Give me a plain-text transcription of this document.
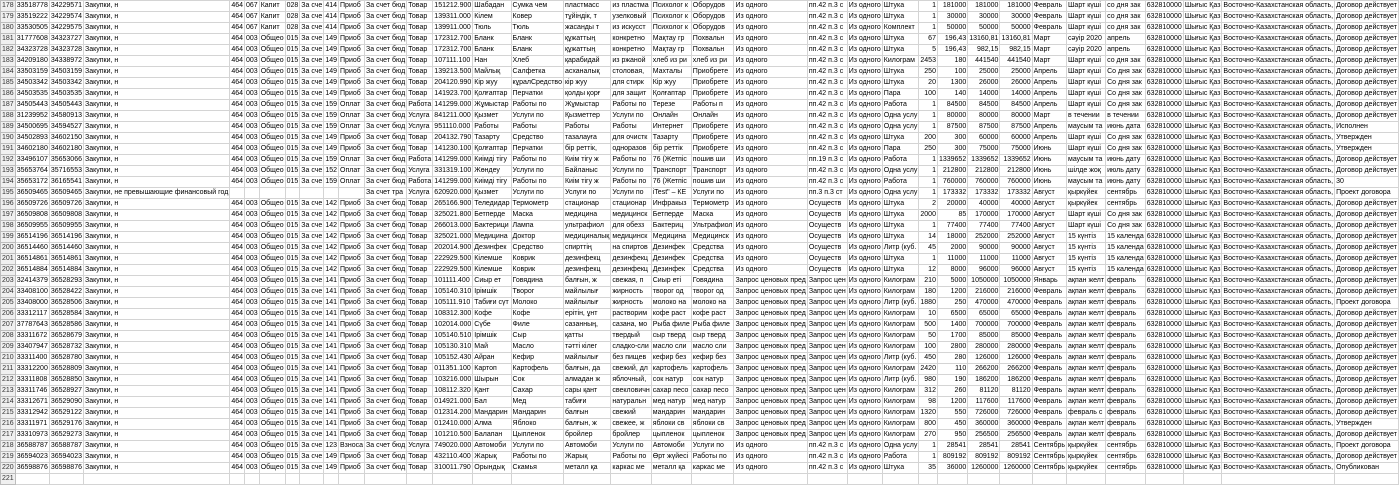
178	33518778	34229571	Закупки, н	464	067	Капит	028	За сче	414	Приоб	За счет бюд	Товар	151212.900	Шабадан	Сумка чем	пластмасс	из пластма	Психолог к	Оборудов	Из одного	пп.42 п.3 с	Из одного	Штука	1	181000	181000	181000	Февраль	Шарт күші	со дня зак	632810000	Шығыс Қаз	Восточно-Казахстанская область,	Договор действует
179	33519222	34229574	Закупки, н	464	067	Капит	028	За сче	414	Приоб	За счет бюд	Товар	139311.000	Кілем	Ковер	тұйіндік, т	узелковый	Психолог к	Оборудов	Из одного	пп.42 п.3 с	Из одного	Штука	1	30000	30000	30000	Февраль	Шарт күші	со дня зак	632810000	Шығыс Қаз	Восточно-Казахстанская область,	Договор действует
180	33530505	34229575	Закупки, н	464	067	Капит	028	За сче	414	Приоб	За счет бюд	Товар	139911.000	Тюль	Тюль	жасанды т	из искусст	Психолог к	Оборудов	Из одного	пп.42 п.3 с	Из одного	Комплект	1	50000	50000	50000	Февраль	Шарт күші	со дня зак	632810000	Шығыс Қаз	Восточно-Казахстанская область,	Договор действует
181	31777608	34323727	Закупки, н	464	003	Общео	015	За сче	149	Приоб	За счет бюд	Товар	172312.700	Бланк	Бланк	құжаттың	конкретно	Мақтау гр	Похвальн	Из одного	пп.42 п.3 с	Из одного	Штука	67	196,43	13160,81	13160,81	Март	сәуір 2020	апрель	632810000	Шығыс Қаз	Восточно-Казахстанская область,	Договор действует
182	34323728	34323728	Закупки, н	464	003	Общео	015	За сче	149	Приоб	За счет бюд	Товар	172312.700	Бланк	Бланк	құжаттың	конкретно	Мақтау гр	Похвальн	Из одного	пп.42 п.3 с	Из одного	Штука	5	196,43	982,15	982,15	Март	сәуір 2020	апрель	632810000	Шығыс Қаз	Восточно-Казахстанская область,	Договор действует
183	34209180	34338972	Закупки, н	464	003	Общео	015	За сче	149	Приоб	За счет бюд	Товар	107111.100	Нан	Хлеб	қарабидай	из ржаной	хлеб из ри	хлеб из ри	Из одного	пп.42 п.3 с	Из одного	Килограм	2453	180	441540	441540	Март	Шарт күші	со дня зак	632810000	Шығыс Қаз	Восточно-Казахстанская область,	Договор действует
184	33503159	34503159	Закупки, н	464	003	Общео	015	За сче	149	Приоб	За счет бюд	Товар	139213.500	Майлық	Салфетка	асханалық	столовая,	Махталы	Приобрете	Из одного	пп.42 п.3 с	Из одного	Штука	250	100	25000	25000	Апрель	Шарт күші	Со дня зак	632810000	Шығыс Қаз	Восточно-Казахстанская область,	Договор действует
185	34503342	34503342	Закупки, н	464	003	Общео	015	За сче	149	Приоб	За счет бюд	Товар	204120.990	Кір жуу	кұралСредство	кір жуу	для стирк	Кір жуу	Приобрете	Из одного	пп.42 п.3 с	Из одного	Штука	20	1300	26000	26000	Апрель	Шарт күші	Со дня зак	632810000	Шығыс Қаз	Восточно-Казахстанская область,	Договор действует
186	34503535	34503535	Закупки, н	464	003	Общео	015	За сче	149	Приоб	За счет бюд	Товар	141923.700	Қолғаптар	Перчатки	қолды қорғ	для защит	Қолғаптар	Приобрете	Из одного	пп.42 п.3 с	Из одного	Пара	100	140	14000	14000	Апрель	Шарт күші	Со дня зак	632810000	Шығыс Қаз	Восточно-Казахстанская область,	Договор действует
187	34505443	34505443	Закупки, н	464	003	Общео	015	За сче	159	Оплат	За счет бюд	Работа	141299.000	Жұмыстар	Работы по	Жұмыстар	Работы по	Терезе	Работы п	Из одного	пп.42 п.3 с	Из одного	Работа	1	84500	84500	84500	Апрель	Шарт күші	Со дня зак	632810000	Шығыс Қаз	Восточно-Казахстанская область,	Договор действует
188	31239952	34580913	Закупки, н	464	003	Общео	015	За сче	159	Оплат	За счет бюд	Услуга	841211.000	Қызмет	Услуги по	Қызметтер	Услуги по	Онлайн	Онлайн	Из одного	пп.42 п.3 с	Из одного	Одна услу	1	80000	80000	80000	Март	в течении	в течении	632810000	Шығыс Қаз	Восточно-Казахстанская область,	Договор действует
189	34500695	34594527	Закупки, н	464	003	Общео	015	За сче	159	Оплат	За счет бюд	Услуга	951110.000	Работы	Работы	Работы	Работы	Интернет	Приобрете	Из одного	пп.42 п.3 с	Из одного	Одна услу	1	87500	87500	87500	Апрель	маусым та	июнь дата	632810000	Шығыс Қаз	Восточно-Казахстанская область,	Исполнен
190	34502893	34602150	Закупки, н	464	003	Общео	015	За сче	149	Приоб	За счет бюд	Товар	204132.790	Тазарту	Средство	тазалауға	для очистк	Тазарту	Приобрете	Из одного	пп.42 п.3 с	Из одного	Штука	200	300	60000	60000	Апрель	Шарт күші	Со дня зак	632810000	Шығыс Қаз	Восточно-Казахстанская область,	Утвержден
191	34602180	34602180	Закупки, н	464	003	Общео	015	За сче	149	Приоб	За счет бюд	Товар	141230.100	Қолғаптар	Перчатки	бір реттік,	одноразов	бір реттік	Приобрете	Из одного	пп.42 п.3 с	Из одного	Пара	250	300	75000	75000	Июнь	Шарт күші	Со дня зак	632810000	Шығыс Қаз	Восточно-Казахстанская область,	Утвержден
192	33496107	35653066	Закупки, н	464	003	Общео	015	За сче	159	Оплат	За счет бюд	Работа	141299.000	Киімді тігу	Работы по	Киім тігу ж	Работы по	76 (Жетпіс	пошив ши	Из одного	пп.19 п.3 с	Из одного	Работа	1	1339652	1339652	1339652	Июнь	маусым та	июнь дату	632810000	Шығыс Қаз	Восточно-Казахстанская область,	Договор действует
193	35653764	35716553	Закупки, н	464	003	Общео	015	За сче	152	Оплат	За счет бюд	Услуга	331319.100	Жөндеу	Услуги по	Байланыс	Услуги по	Транспорт	Транспорт	Из одного	пп.42 п.3 с	Из одного	Одна услу	1	212800	212800	212800	Июнь	шілде жоқ	июль дату	632810000	Шығыс Қаз	Восточно-Казахстанская область,	Договор действует
194	35653172	36165541	Закупки, н	464	003	Общео	015	За сче	159	Оплат	За счет бюд	Работа	141299.000	Киімді тігу	Работы по	Киім тігу ж	Работы по	76 (Жетпіс	пошив ши	Из одного	пп.42 п.3 с	Из одного	Работа	1	760000	760000	760000	Июнь	маусым та	июнь дату	632810000	Шығыс Қаз	Восточно-Казахстанская область,	30
195	36509465	36509465	Закупки, не превышающие финансовый год								За счет тра	Услуга	620920.000	Қызмет	Услуги по	Услуги по	Услуги по	iTest" – КЕ	Услуги по	Из одного	пп.3 п.3 ст	Из одного	Одна услу	1	173332	173332	173332	Август	қыркүйек	сентябрь	632810000	Шығыс Қаз	Восточно-Казахстанская область,	Проект договора
196	36509726	36509726	Закупки, н	464	003	Общео	015	За сче	142	Приоб	За счет бюд	Товар	265166.900	Теледидар	Термометр	стационар	стационар	Инфракыз	Термометр	Из одного	Осуществ	Из одного	Штука	2	20000	40000	40000	Август	қыркүйек	сентябрь	632810000	Шығыс Қаз	Восточно-Казахстанская область,	Договор действует
197	36509808	36509808	Закупки, н	464	003	Общео	015	За сче	142	Приоб	За счет бюд	Товар	325021.800	Бетперде	Маска	медицина	медицинск	Бетперде	Маска	Из одного	Осуществ	Из одного	Штука	2000	85	170000	170000	Август	Шарт күші	Со дня зак	632810000	Шығыс Қаз	Восточно-Казахстанская область,	Договор действует
198	36509955	36509955	Закупки, н	464	003	Общео	015	За сче	142	Приоб	За счет бюд	Товар	266013.000	Бактерици	Лампа	ультрафиол	для обезз	Бактериц	Ультрафиол	Из одного	Осуществ	Из одного	Штука	1	77400	77400	77400	Август	Шарт күші	Со дня зак	632810000	Шығыс Қаз	Восточно-Казахстанская область,	Договор действует
199	36514196	36514196	Закупки, н	464	003	Общео	015	За сче	142	Приоб	За счет бюд	Товар	325021.000	Медицина	Доктор	медициналық	медицинск	Медицина	Медицинск	Из одного	Осуществ	Из одного	Штука	14	18000	252000	252000	Август	15 күнтіз	15 календа	632810000	Шығыс Қаз	Восточно-Казахстанская область,	Договор действует
200	36514460	36514460	Закупки, н	464	003	Общео	015	За сче	142	Приоб	За счет бюд	Товар	202014.900	Дезинфек	Средство	спирттің	на спиртов	Дезинфек	Средства	Из одного	Осуществ	Из одного	Литр (куб.	45	2000	90000	90000	Август	15 күнтіз	15 календа	632810000	Шығыс Қаз	Восточно-Казахстанская область,	Договор действует
201	36514861	36514861	Закупки, н	464	003	Общео	015	За сче	142	Приоб	За счет бюд	Товар	222929.500	Кілемше	Коврик	дезинфекц	дезинфекц	Дезинфек	Средства	Из одного	Осуществ	Из одного	Штука	1	11000	11000	11000	Август	15 күнтіз	15 календа	632810000	Шығыс Қаз	Восточно-Казахстанская область,	Договор действует
202	36514884	36514884	Закупки, н	464	003	Общео	015	За сче	142	Приоб	За счет бюд	Товар	222929.500	Кілемше	Коврик	дезинфекц	дезинфекц	Дезинфек	Средства	Из одного	Осуществ	Из одного	Штука	12	8000	96000	96000	Август	15 күнтіз	15 календа	632810000	Шығыс Қаз	Восточно-Казахстанская область,	Договор действует
203	32414379	36528293	Закупки, н	464	003	Общео	015	За сче	141	Приоб	За счет бюд	Товар	101111.400	Сиыр ет	Говядина	балғын, ж	свежая, п	Сиыр еті	Говядина	Запрос ценовых пред	Запрос цен	Из одного	Килограм	210	5000	1050000	1050000	Январь	ақпан желт	февраль	632810000	Шығыс Қаз	Восточно-Казахстанская область,	Договор действует
204	33408100	36528422	Закупки, н	464	003	Общео	015	За сче	141	Приоб	За счет бюд	Товар	105140.310	Ірімшік	Творог	майлылығ	жирность	творог од	творог од	Запрос ценовых пред	Запрос цен	Из одного	Килограм	180	1200	216000	216000	Февраль	ақпан желт	февраль	632810000	Шығыс Қаз	Восточно-Казахстанская область,	Договор действует
205	33408000	36528506	Закупки, н	464	003	Общео	015	За сче	141	Приоб	За счет бюд	Товар	105111.910	Табиғи сүт	Молоко	майлылығ	жирность	молоко на	молоко на	Запрос ценовых пред	Запрос цен	Из одного	Литр (куб.	1880	250	470000	470000	Февраль	ақпан желт	февраль	632810000	Шығыс Қаз	Восточно-Казахстанская область,	Проект договора
206	33312117	36528584	Закупки, н	464	003	Общео	015	За сче	141	Приоб	За счет бюд	Товар	108312.300	Кофе	Кофе	ерітін, ұнт	растворим	кофе раст	кофе раст	Запрос ценовых пред	Запрос цен	Из одного	Килограм	10	6500	65000	65000	Февраль	ақпан желт	февраль	632810000	Шығыс Қаз	Восточно-Казахстанская область,	Договор действует
207	37787643	36528586	Закупки, н	464	003	Общео	015	За сче	141	Приоб	За счет бюд	Товар	102014.000	Сүбе	Филе	сазанның,	сазана, мо	Рыба филе	Рыба филе	Запрос ценовых пред	Запрос цен	Из одного	Килограм	500	1400	700000	700000	Февраль	ақпан желт	февраль	632810000	Шығыс Қаз	Восточно-Казахстанская область,	Договор действует
208	33311672	36528679	Закупки, н	464	003	Общео	015	За сче	141	Приоб	За счет бюд	Товар	105140.510	Ірімшік	Сыр	қатты	твердый	сыр тверд	сыр тверд	Запрос ценовых пред	Запрос цен	Из одного	Килограм	50	1700	85000	85000	Февраль	ақпан желт	февраль	632810000	Шығыс Қаз	Восточно-Казахстанская область,	Договор действует
209	33407947	36528732	Закупки, н	464	003	Общео	015	За сче	141	Приоб	За счет бюд	Товар	105130.310	Май	Масло	тәтті кілег	сладко-сли	масло сли	масло сли	Запрос ценовых пред	Запрос цен	Из одного	Килограм	100	2800	280000	280000	Февраль	ақпан желт	февраль	632810000	Шығыс Қаз	Восточно-Казахстанская область,	Договор действует
210	33311400	36528780	Закупки, н	464	003	Общео	015	За сче	141	Приоб	За счет бюд	Товар	105152.430	Айран	Кефир	майлылығ	без пищев	кефир без	кефир без	Запрос ценовых пред	Запрос цен	Из одного	Литр (куб.	450	280	126000	126000	Февраль	ақпан желт	февраль	632810000	Шығыс Қаз	Восточно-Казахстанская область,	Договор действует
211	33312200	36528809	Закупки, н	464	003	Общео	015	За сче	141	Приоб	За счет бюд	Товар	011351.100	Картоп	Картофель	балғын, да	свежий, дл	картофель	картофель	Запрос ценовых пред	Запрос цен	Из одного	Килограм	2420	110	266200	266200	Февраль	ақпан желт	февраль	632810000	Шығыс Қаз	Восточно-Казахстанская область,	Договор действует
212	33311808	36528850	Закупки, н	464	003	Общео	015	За сче	141	Приоб	За счет бюд	Товар	103216.000	Шырын	Сок	алмадан ж	яблочный,	сок натур	сок натур	Запрос ценовых пред	Запрос цен	Из одного	Литр (куб.	980	190	186200	186200	Февраль	ақпан желт	февраль	632810000	Шығыс Қаз	Восточно-Казахстанская область,	Договор действует
213	33311746	36528927	Закупки, н	464	003	Общео	015	За сче	141	Приоб	За счет бюд	Товар	108112.320	Қант	Сахар	сары қант	свекловичн	сахар песо	сахар песо	Запрос ценовых пред	Запрос цен	Из одного	Килограм	312	260	81120	81120	Февраль	ақпан желт	февраль	632810000	Шығыс Қаз	Восточно-Казахстанская область,	Договор действует
214	33312671	36529090	Закупки, н	464	003	Общео	015	За сче	141	Приоб	За счет бюд	Товар	014921.000	Бал	Мед	табиғи	натуральн	мед натур	мед натур	Запрос ценовых пред	Запрос цен	Из одного	Килограм	98	1200	117600	117600	Февраль	ақпан желт	февраль	632810000	Шығыс Қаз	Восточно-Казахстанская область,	Договор действует
215	33312942	36529122	Закупки, н	464	003	Общео	015	За сче	141	Приоб	За счет бюд	Товар	012314.200	Мандарин	Мандарин	балғын	свежий	мандарин	мандарин	Запрос ценовых пред	Запрос цен	Из одного	Килограм	1320	550	726000	726000	Февраль	февраль с	февраль	632810000	Шығыс Қаз	Восточно-Казахстанская область,	Договор действует
216	33311971	36529176	Закупки, н	464	003	Общео	015	За сче	141	Приоб	За счет бюд	Товар	012410.000	Алма	Яблоко	балғын, ж	свежее, ж	яблоки св	яблоки св	Запрос ценовых пред	Запрос цен	Из одного	Килограм	800	450	360000	360000	Февраль	ақпан желт	февраль	632810000	Шығыс Қаз	Восточно-Казахстанская область,	Утвержден
217	33310973	36529273	Закупки, н	464	003	Общео	015	За сче	141	Приоб	За счет бюд	Товар	101210.500	Балапан	Цыпленок	бройлер	бройлер	цыпленок	цыпленок	Запрос ценовых пред	Запрос цен	Из одного	Килограм	270	950	256500	256500	Февраль	ақпан желт	февраль	632810000	Шығыс Қаз	Восточно-Казахстанская область,	Договор действует
218	36588787	36588787	Закупки, н	464	003	Общео	015	За сче	123	Взноса	За счет бюд	Услуга	749020.000	Автомоби	Услуги по	Автомоби	Услуги по	Автомоби	Услуги по	Из одного	пп.42 п.3 с	Из одного	Одна услу	1	28541	28541	28541	Сентябрь	қыркүйек	сентябрь	632810000	Шығыс Қаз	Восточно-Казахстанская область,	Проект договора
219	36594023	36594023	Закупки, н	464	003	Общео	015	За сче	149	Приоб	За счет бюд	Товар	432110.400	Жарық	Работы по	Жарық	Работы по	Өрт жүйесі	Работы по	Из одного	пп.42 п.3 с	Из одного	Работа	1	809192	809192	809192	Сентябрь	қыркүйек	сентябрь	632810000	Шығыс Қаз	Восточно-Казахстанская область,	Договор действует
220	36598876	36598876	Закупки, н	464	003	Общео	015	За сче	149	Приоб	За счет бюд	Товар	310011.790	Орындық	Скамья	металл қа	каркас ме	металл қа	каркас ме	Из одного	пп.42 п.3 с	Из одного	Штука	35	36000	1260000	1260000	Сентябрь	қыркүйек	сентябрь	632810000	Шығыс Қаз	Восточно-Казахстанская область,	Опубликован
221																																		
